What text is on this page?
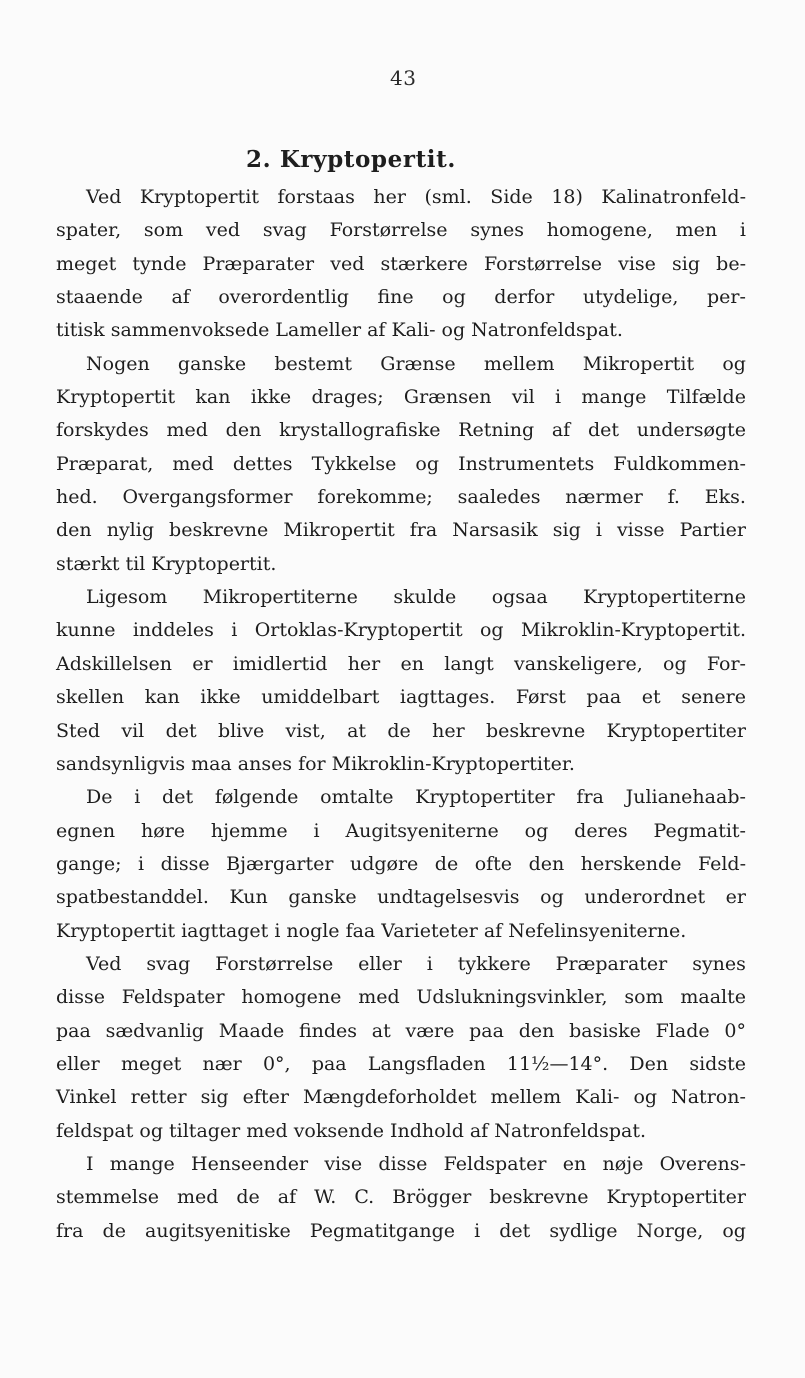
43
2. Kryptopertit.
Ved Kryptopertit forstaas her (sml. Side 18) Kalinatronfeld-
spater, som ved svag Forstørrelse synes homogene, men i
meget tynde Præparater ved stærkere Forstørrelse vise sig be-
staaende af overordentlig fine og derfor utydelige, per-
titisk sammenvoksede Lameller af Kali- og Natronfeldspat.
Nogen ganske bestemt Grænse mellem Mikropertit og
Kryptopertit kan ikke drages; Grænsen vil i mange Tilfælde
forskydes med den krystallografiske Retning af det undersøgte
Præparat, med dettes Tykkelse og Instrumentets Fuldkommen-
hed. Overgangsformer forekomme; saaledes nærmer f. Eks.
den nylig beskrevne Mikropertit fra Narsasik sig i visse Partier
stærkt til Kryptopertit.
Ligesom Mikropertiterne skulde ogsaa Kryptopertiterne
kunne inddeles i Ortoklas-Kryptopertit og Mikroklin-Kryptopertit.
Adskillelsen er imidlertid her en langt vanskeligere, og For-
skellen kan ikke umiddelbart iagttages. Først paa et senere
Sted vil det blive vist, at de her beskrevne Kryptopertiter
sandsynligvis maa anses for Mikroklin-Kryptopertiter.
De i det følgende omtalte Kryptopertiter fra Julianehaab-
egnen høre hjemme i Augitsyeniterne og deres Pegmatit-
gange; i disse Bjærgarter udgøre de ofte den herskende Feld-
spatbestanddel. Kun ganske undtagelsesvis og underordnet er
Kryptopertit iagttaget i nogle faa Varieteter af Nefelinsyeniterne.
Ved svag Forstørrelse eller i tykkere Præparater synes
disse Feldspater homogene med Udslukningsvinkler, som maalte
paa sædvanlig Maade findes at være paa den basiske Flade 0°
eller meget nær 0°, paa Langsfladen 11½—14°. Den sidste
Vinkel retter sig efter Mængdeforholdet mellem Kali- og Natron-
feldspat og tiltager med voksende Indhold af Natronfeldspat.
I mange Henseender vise disse Feldspater en nøje Overens-
stemmelse med de af W. C. Brögger beskrevne Kryptopertiter
fra de augitsyenitiske Pegmatitgange i det sydlige Norge, og
